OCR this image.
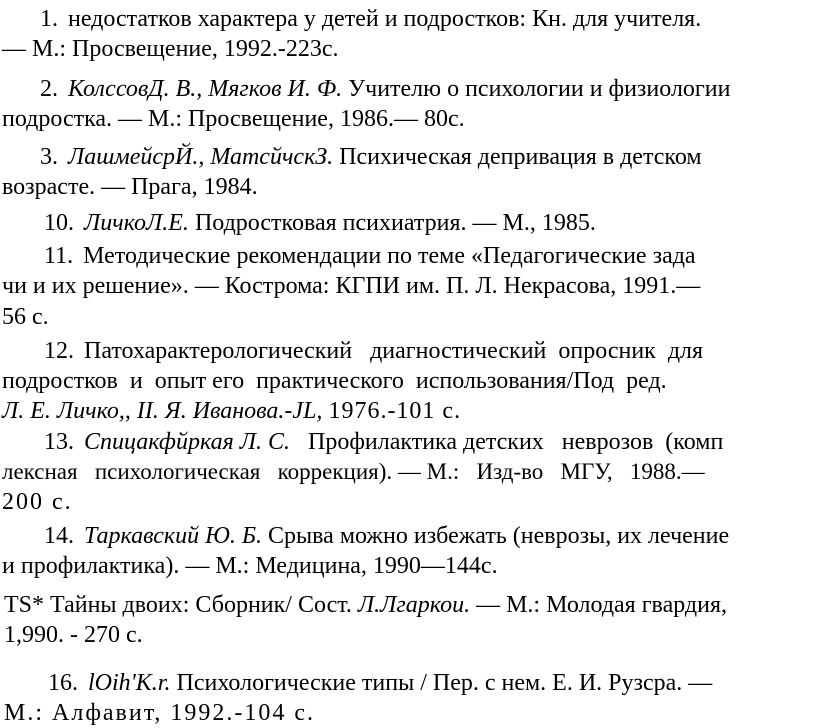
1. недостатков характера у детей и подростков: Кн. для учителя.
— М.: Просвещение, 1992.-223с.
2. КолссовД. В., Мягков И. Ф. Учителю о психологии и физиологии
подростка. — М.: Просвещение, 1986.— 80с.
3. ЛашмейсрЙ., МатсйчскЗ. Психическая депривация в детском
возрасте. — Прага, 1984.
10. ЛичкоЛ.Е. Подростковая психиатрия. — М., 1985.
11. Методические рекомендации по теме «Педагогические зада
чи и их решение». — Кострома: КГПИ им. П. Л. Некрасова, 1991.—
56 с.
12. Патохарактерологический   диагностический  опросник  для
подростков  и  опыт его  практического  использования/Под  ред.
Л. Е. Личко,, II. Я. Иванова.-JL, 1976.-101 с.
13. Спицакфйркая Л. С. Профилактика детских   неврозов  (комп
лексная   психологическая   коррекция). — М.:   Изд-во   МГУ,   1988.—
200 с.
14. Таркавский Ю. Б. Срыва можно избежать (неврозы, их лечение
и профилактика). — М.: Медицина, 1990—144с.
TS* Тайны двоих: Сборник/ Сост. Л.Лгаркои. — М.: Молодая гвардия,
1,990. - 270 с.
16. lOih'K.r. Психологические типы / Пер. с нем. Е. И. Рузсра. —
М.: Алфавит, 1992.-104 с.
